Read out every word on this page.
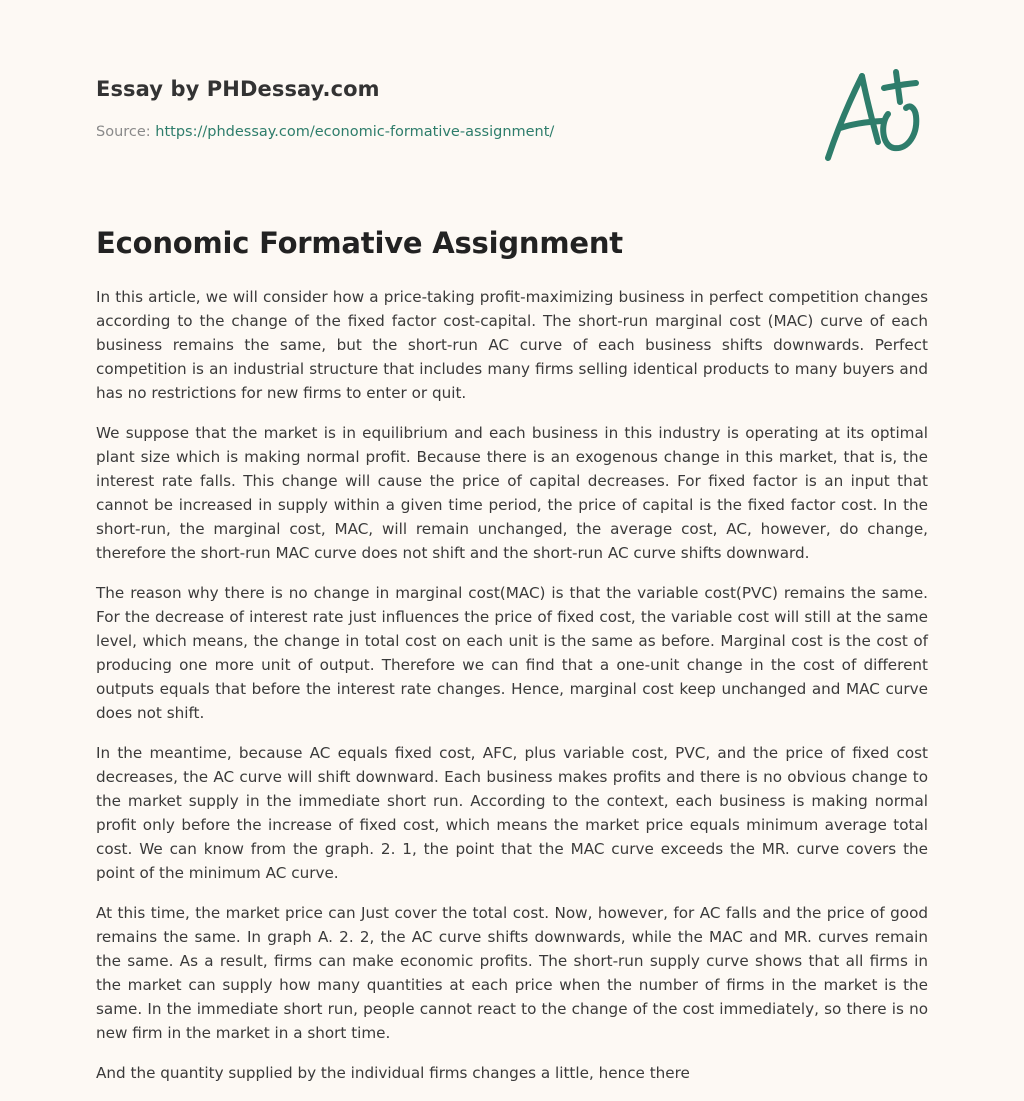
Essay by PHDessay.com

Source: https://phdessay.com/economic-formative-assignment/

Economic Formative Assignment

In this article, we will consider how a price-taking profit-maximizing business in perfect competition changes according to the change of the fixed factor cost-capital. The short-run marginal cost (MAC) curve of each business remains the same, but the short-run AC curve of each business shifts downwards. Perfect competition is an industrial structure that includes many firms selling identical products to many buyers and has no restrictions for new firms to enter or quit.

We suppose that the market is in equilibrium and each business in this industry is operating at its optimal plant size which is making normal profit. Because there is an exogenous change in this market, that is, the interest rate falls. This change will cause the price of capital decreases. For fixed factor is an input that cannot be increased in supply within a given time period, the price of capital is the fixed factor cost. In the short-run, the marginal cost, MAC, will remain unchanged, the average cost, AC, however, do change, therefore the short-run MAC curve does not shift and the short-run AC curve shifts downward.

The reason why there is no change in marginal cost(MAC) is that the variable cost(PVC) remains the same. For the decrease of interest rate just influences the price of fixed cost, the variable cost will still at the same level, which means, the change in total cost on each unit is the same as before. Marginal cost is the cost of producing one more unit of output. Therefore we can find that a one-unit change in the cost of different outputs equals that before the interest rate changes. Hence, marginal cost keep unchanged and MAC curve does not shift.

In the meantime, because AC equals fixed cost, AFC, plus variable cost, PVC, and the price of fixed cost decreases, the AC curve will shift downward. Each business makes profits and there is no obvious change to the market supply in the immediate short run. According to the context, each business is making normal profit only before the increase of fixed cost, which means the market price equals minimum average total cost. We can know from the graph. 2. 1, the point that the MAC curve exceeds the MR. curve covers the point of the minimum AC curve.

At this time, the market price can Just cover the total cost. Now, however, for AC falls and the price of good remains the same. In graph A. 2. 2, the AC curve shifts downwards, while the MAC and MR. curves remain the same. As a result, firms can make economic profits. The short-run supply curve shows that all firms in the market can supply how many quantities at each price when the number of firms in the market is the same. In the immediate short run, people cannot react to the change of the cost immediately, so there is no new firm in the market in a short time.

And the quantity supplied by the individual firms changes a little, hence there
